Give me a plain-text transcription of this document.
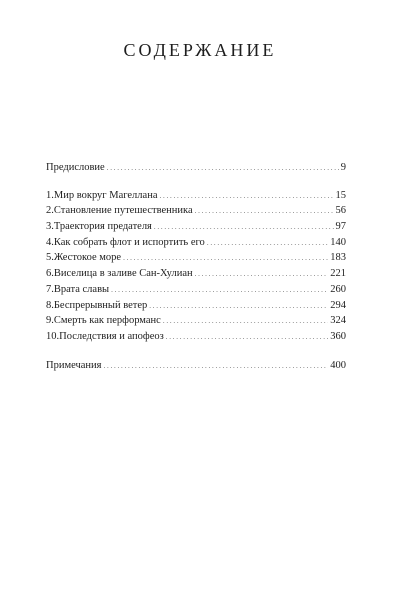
СОДЕРЖАНИЕ
Предисловие . . .	9
1. Мир вокруг Магеллана . . .	15
2. Становление путешественника . . .	56
3. Траектория предателя . . .	97
4. Как собрать флот и испортить его . . .	140
5. Жестокое море . . .	183
6. Виселица в заливе Сан-Хулиан . . .	221
7. Врата славы . . .	260
8. Беспрерывный ветер . . .	294
9. Смерть как перформанс . . .	324
10. Последствия и апофеоз . . .	360
Примечания . . .	400
